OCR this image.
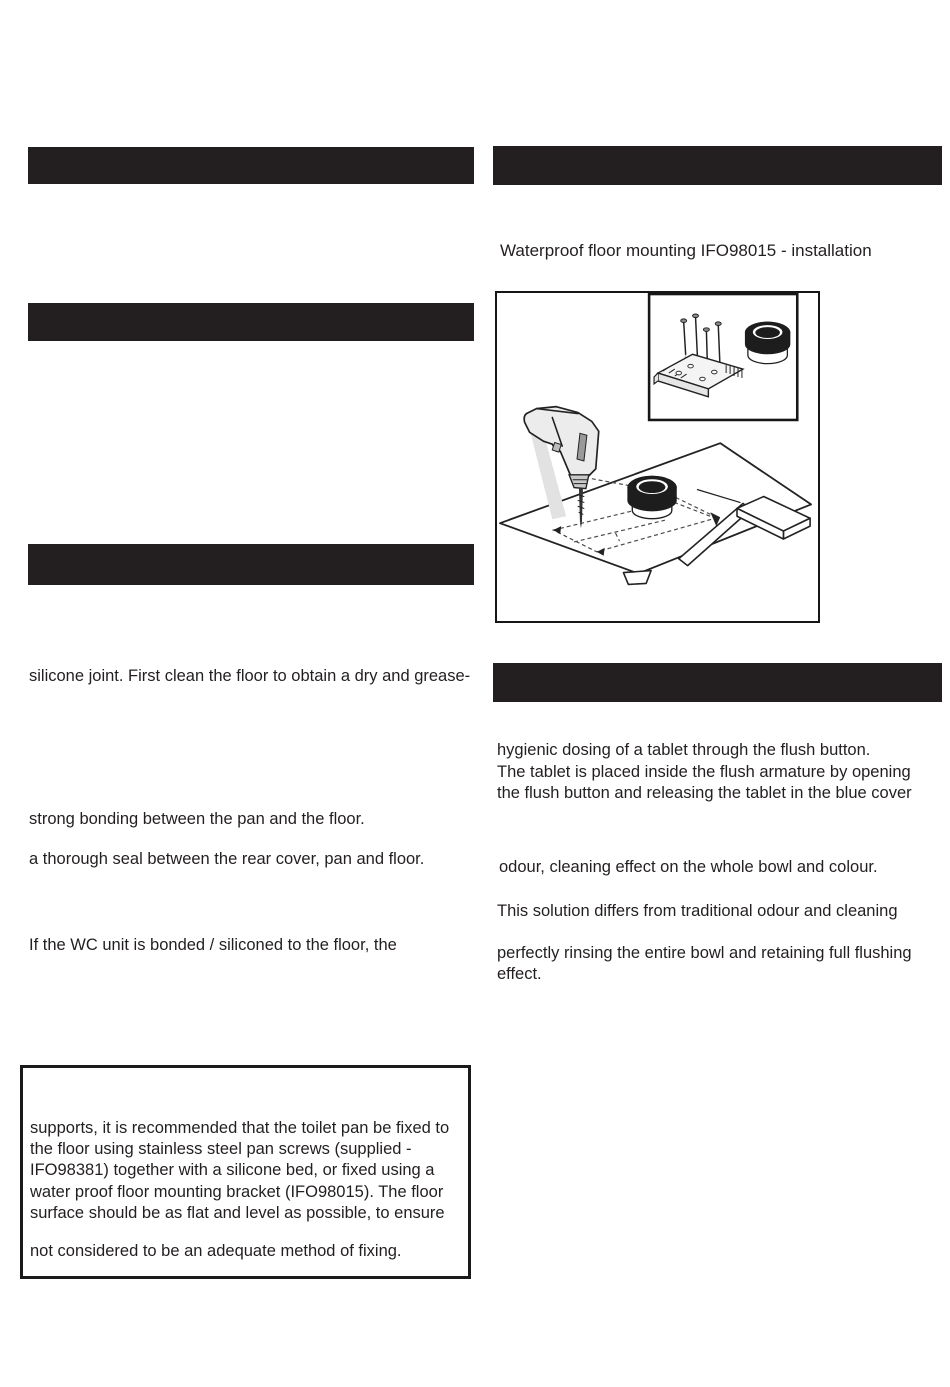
Waterproof floor mounting IFO98015 - installation
silicone joint. First clean the floor to obtain a dry and grease-
strong bonding between the pan and the floor.
a thorough seal between the rear cover, pan and floor.
If the WC unit is bonded / siliconed to the floor, the
hygienic dosing of a tablet through the flush button.
The tablet is placed inside the flush armature by opening
the flush button and releasing the tablet in the blue cover
odour, cleaning effect on the whole bowl and colour.
This solution differs from traditional odour and cleaning
perfectly rinsing the entire bowl and retaining full flushing
effect.
supports, it is recommended that the toilet pan be fixed to
the floor using stainless steel pan screws (supplied -
IFO98381) together with a silicone bed, or fixed using a
water proof floor mounting bracket (IFO98015). The floor
surface should be as flat and level as possible, to ensure
not considered to be an adequate method of fixing.
